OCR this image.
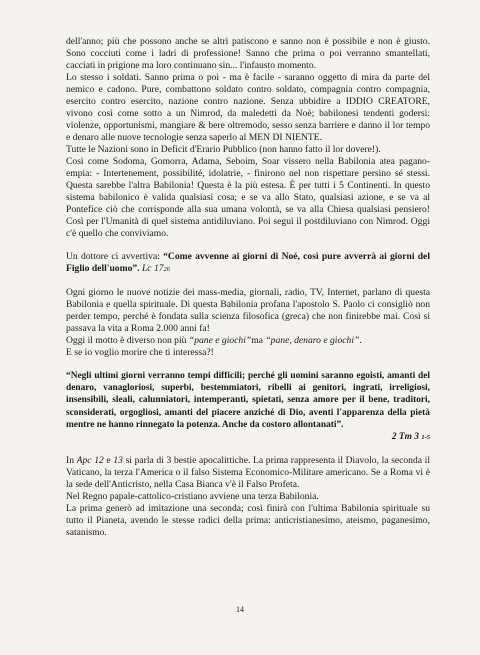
dell'anno; più che possono anche se altri patiscono e sanno non è possibile e non è giusto. Sono cocciuti come i ladri di professione! Sanno che prima o poi verranno smantellati, cacciati in prigione ma loro continuano sin... l'infausto momento.

Lo stesso i soldati. Sanno prima o poi - ma è facile - saranno oggetto di mira da parte del nemico e cadono. Pure, combattono soldato contro soldato, compagnia contro compagnia, esercito contro esercito, nazione contro nazione. Senza ubbidire a IDDIO CREATORE, vivono così come sotto a un Nimrod, da maledetti da Noè; babilonesi tendenti godersi: violenze, opportunismi, mangiare & bere oltremodo, sesso senza barriere e danno il lor tempo e denaro alle nuove tecnologie senza saperlo al MEN DI NIENTE.

Tutte le Nazioni sono in Deficit d'Erario Pubblico (non hanno fatto il lor dovere!).

Così come Sodoma, Gomorra, Adama, Seboim, Soar vissero nella Babilonia atea pagano-empia: - Intertenement, possibilité, idolatrie, - finirono nel non rispettare persino sé stessi. Questa sarebbe l'altra Babilonia! Questa è la più estesa. È per tutti i 5 Continenti. In questo sistema babilonico è valida qualsiasi cosa; e se va allo Stato, qualsiasi azione, e se va al Pontefice ciò che corrisponde alla sua umana volontà, se va alla Chiesa qualsiasi pensiero! Così per l'Umanità di quel sistema antidiluviano. Poi seguì il postdiluviano con Nimrod. Oggi c'è quello che conviviamo.

Un dottore ci avvertiva: “Come avvenne ai giorni di Noé, così pure avverrà ai giorni del Figlio dell'uomo”. Lc 1726

Ogni giorno le nuove notizie dei mass-media, giornali, radio, TV, Internet, parlano di questa Babilonia e quella spirituale. Di questa Babilonia profana l'apostolo S. Paolo ci consigliò non perder tempo, perché è fondata sulla scienza filosofica (greca) che non finirebbe mai. Così si passava la vita a Roma 2.000 anni fa!

Oggi il motto è diverso non più “pane e giochi”ma “pane, denaro e giochi”.

E se io voglio morire che ti interessa?!

“Negli ultimi giorni verranno tempi difficili; perché gli uomini saranno egoisti, amanti del denaro, vanagloriosi, superbi, bestemmiatori, ribelli ai genitori, ingrati, irreligiosi, insensibili, sleali, calunniatori, intemperanti, spietati, senza amore per il bene, traditori, sconsiderati, orgogliosi, amanti del piacere anziché di Dio, aventi l'apparenza della pietà mentre ne hanno rinnegato la potenza. Anche da costoro allontanati”.

2 Tm 3 1-5

In Apc 12 e 13 si parla di 3 bestie apocalittiche. La prima rappresenta il Diavolo, la seconda il Vaticano, la terza l'America o il falso Sistema Economico-Militare americano. Se a Roma vi è la sede dell'Anticristo, nella Casa Bianca v'è il Falso Profeta.

Nel Regno papale-cattolico-cristiano avviene una terza Babilonia.

La prima generò ad imitazione una seconda; così finirà con l'ultima Babilonia spirituale su tutto il Pianeta, avendo le stesse radici della prima: anticristianesimo, ateismo, paganesimo, satanismo.

14
